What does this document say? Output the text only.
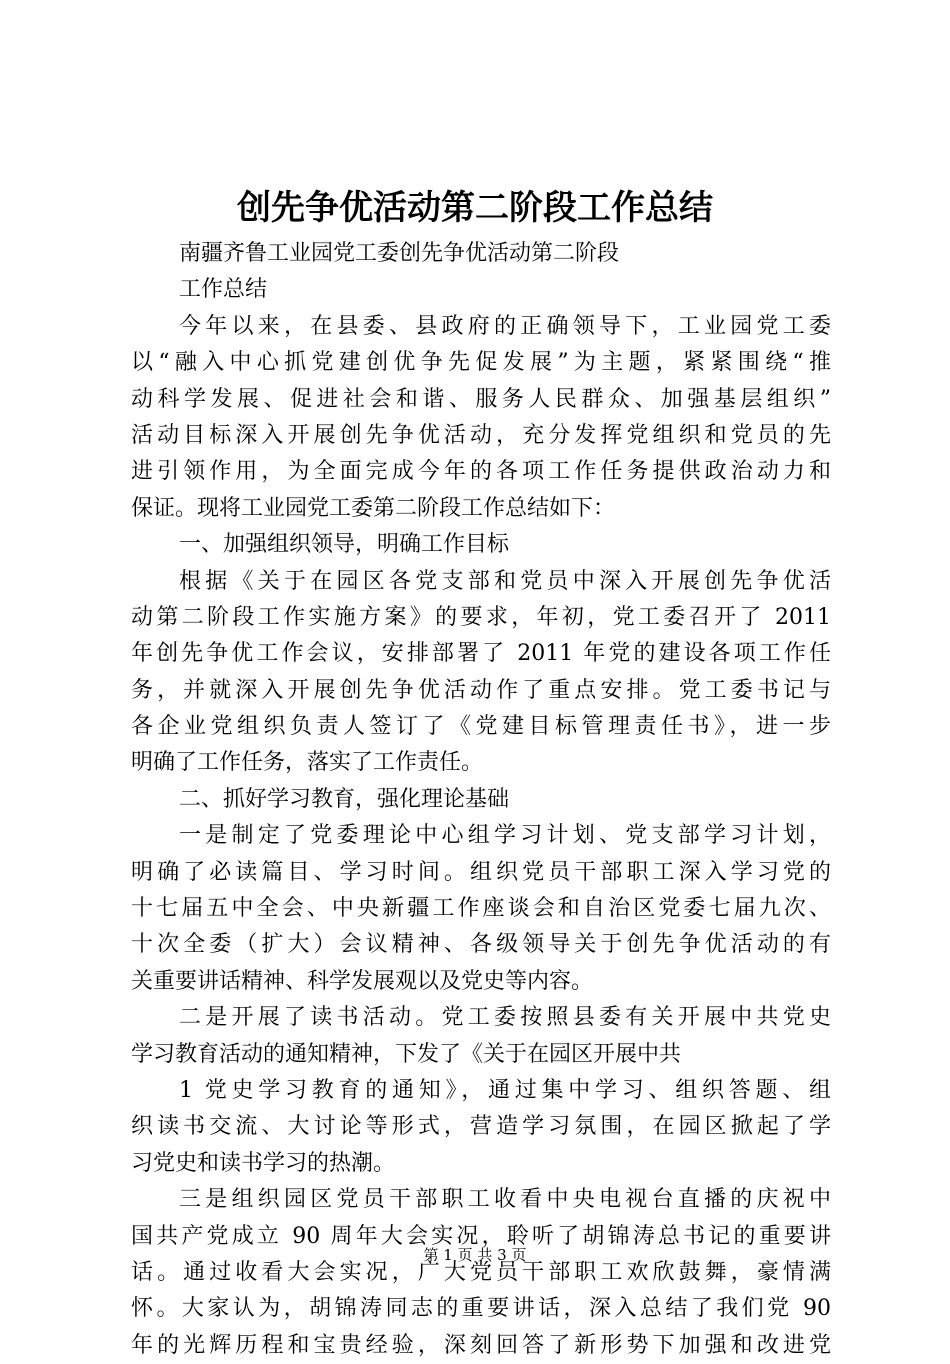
创先争优活动第二阶段工作总结
南疆齐鲁工业园党工委创先争优活动第二阶段
工作总结
今年以来，在县委、县政府的正确领导下，工业园党工委
以“融入中心抓党建创优争先促发展”为主题，紧紧围绕“推
动科学发展、促进社会和谐、服务人民群众、加强基层组织”
活动目标深入开展创先争优活动，充分发挥党组织和党员的先
进引领作用，为全面完成今年的各项工作任务提供政治动力和
保证。现将工业园党工委第二阶段工作总结如下：
一、加强组织领导，明确工作目标
根据《关于在园区各党支部和党员中深入开展创先争优活
动第二阶段工作实施方案》的要求，年初，党工委召开了 2011
年创先争优工作会议，安排部署了 2011 年党的建设各项工作任
务，并就深入开展创先争优活动作了重点安排。党工委书记与
各企业党组织负责人签订了《党建目标管理责任书》，进一步
明确了工作任务，落实了工作责任。
二、抓好学习教育，强化理论基础
一是制定了党委理论中心组学习计划、党支部学习计划，
明确了必读篇目、学习时间。组织党员干部职工深入学习党的
十七届五中全会、中央新疆工作座谈会和自治区党委七届九次、
十次全委（扩大）会议精神、各级领导关于创先争优活动的有
关重要讲话精神、科学发展观以及党史等内容。
二是开展了读书活动。党工委按照县委有关开展中共党史
学习教育活动的通知精神，下发了《关于在园区开展中共
1 党史学习教育的通知》，通过集中学习、组织答题、组
织读书交流、大讨论等形式，营造学习氛围，在园区掀起了学
习党史和读书学习的热潮。
三是组织园区党员干部职工收看中央电视台直播的庆祝中
国共产党成立 90 周年大会实况，聆听了胡锦涛总书记的重要讲
话。通过收看大会实况，广大党员干部职工欢欣鼓舞，豪情满
怀。大家认为，胡锦涛同志的重要讲话，深入总结了我们党 90
年的光辉历程和宝贵经验，深刻回答了新形势下加强和改进党
第 1 页 共 3 页
